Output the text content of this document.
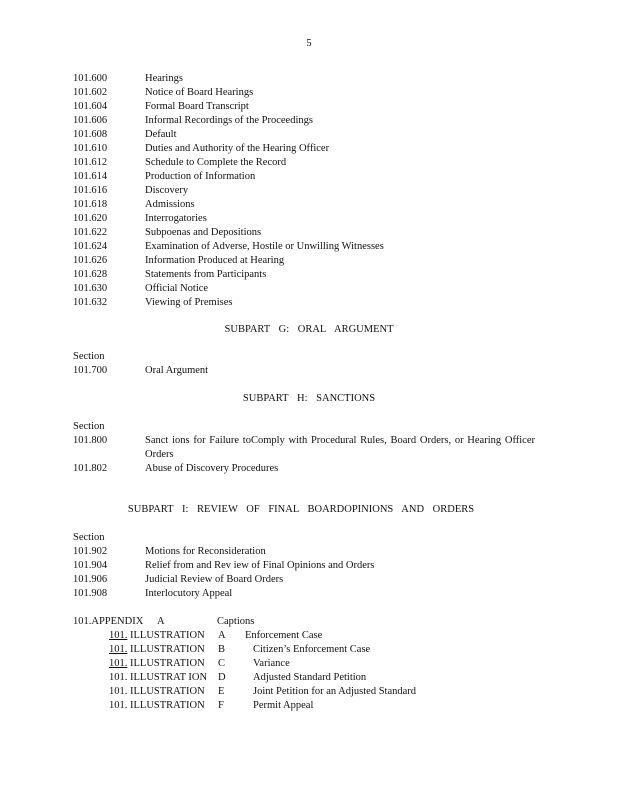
5
101.600	Hearings
101.602	Notice of Board Hearings
101.604	Formal Board Transcript
101.606	Informal Recordings of the Proceedings
101.608	Default
101.610	Duties and Authority of the Hearing Officer
101.612	Schedule to Complete the Record
101.614	Production of Information
101.616	Discovery
101.618	Admissions
101.620	Interrogatories
101.622	Subpoenas and Depositions
101.624	Examination of Adverse, Hostile or Unwilling Witnesses
101.626	Information Produced at Hearing
101.628	Statements from Participants
101.630	Official Notice
101.632	Viewing of Premises
SUBPART G: ORAL ARGUMENT
Section
101.700	Oral Argument
SUBPART H: SANCTIONS
Section
101.800	Sanct ions for Failure toComply with Procedural Rules, Board Orders, or Hearing Officer Orders
101.802	Abuse of Discovery Procedures
SUBPART I: REVIEW OF FINAL BOARDOPINIONS AND ORDERS
Section
101.902	Motions for Reconsideration
101.904	Relief from and Rev iew of Final Opinions and Orders
101.906	Judicial Review of Board Orders
101.908	Interlocutory Appeal
101.APPENDIX	A	Captions
101. ILLUSTRATION	A	Enforcement Case
101. ILLUSTRATION	B	Citizen’s Enforcement Case
101. ILLUSTRATION	C	Variance
101. ILLUSTRAT ION	D	Adjusted Standard Petition
101. ILLUSTRATION	E	Joint Petition for an Adjusted Standard
101. ILLUSTRATION	F	Permit Appeal
